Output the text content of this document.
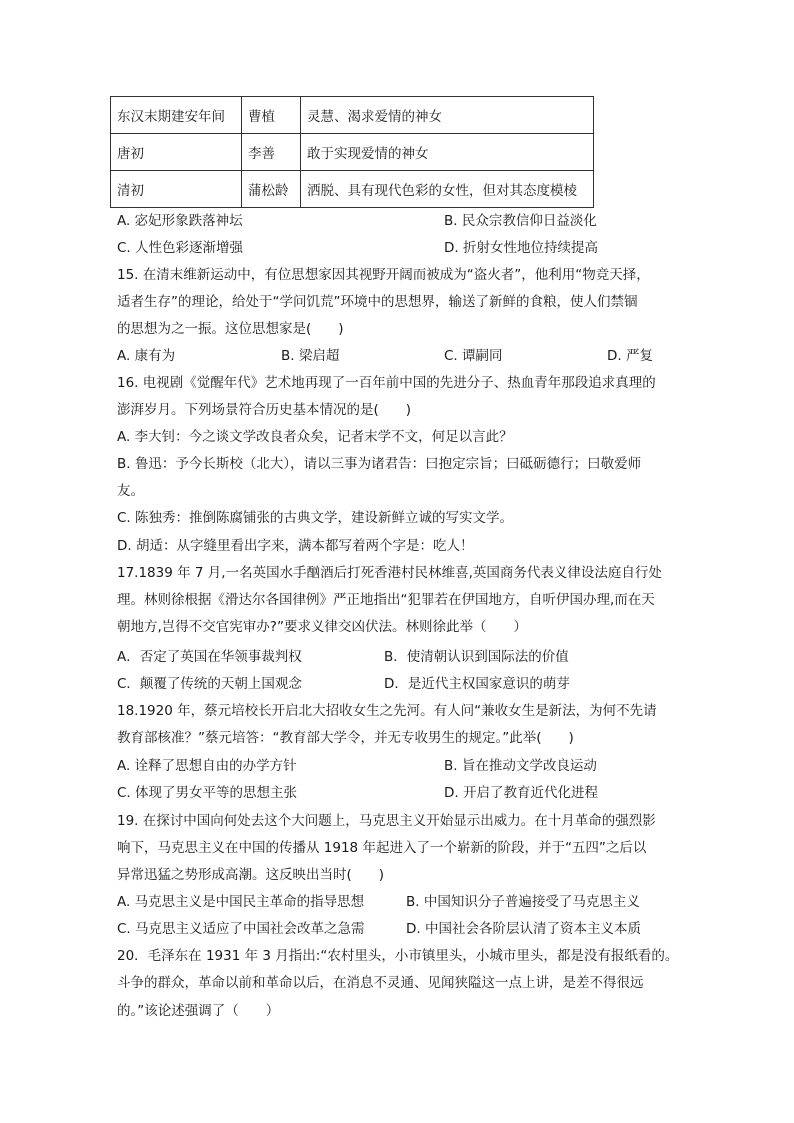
东汉末期建安年间	曹植	灵慧、渴求爱情的神女
唐初	李善	敢于实现爱情的神女
清初	蒲松龄	洒脱、具有现代色彩的女性，但对其态度模棱
A. 宓妃形象跌落神坛	B. 民众宗教信仰日益淡化
C. 人性色彩逐渐增强	D. 折射女性地位持续提高
15. 在清末维新运动中，有位思想家因其视野开阔而被成为“盗火者”，他利用“物竞天择，
适者生存”的理论，给处于“学问饥荒”环境中的思想界，输送了新鲜的食粮，使人们禁锢
的思想为之一振。这位思想家是(　　)
A. 康有为	B. 梁启超	C. 谭嗣同	D. 严复
16. 电视剧《觉醒年代》艺术地再现了一百年前中国的先进分子、热血青年那段追求真理的
澎湃岁月。下列场景符合历史基本情况的是(　　)
A. 李大钊：今之谈文学改良者众矣，记者末学不文，何足以言此？
B. 鲁迅：予今长斯校（北大），请以三事为诸君告：曰抱定宗旨；曰砥砺德行；曰敬爱师
友。
C. 陈独秀：推倒陈腐铺张的古典文学，建设新鲜立诚的写实文学。
D. 胡适：从字缝里看出字来，满本都写着两个字是：吃人！
17.1839 年 7 月,一名英国水手酗酒后打死香港村民林维喜,英国商务代表义律设法庭自行处
理。林则徐根据《滑达尔各国律例》严正地指出“犯罪若在伊国地方，自听伊国办理,而在天
朝地方,岂得不交官宪审办?”要求义律交凶伏法。林则徐此举（　　）
A．否定了英国在华领事裁判权	B．使清朝认识到国际法的价值
C．颠覆了传统的天朝上国观念	D．是近代主权国家意识的萌芽
18.1920 年，蔡元培校长开启北大招收女生之先河。有人问“兼收女生是新法，为何不先请
教育部核准？”蔡元培答：“教育部大学令，并无专收男生的规定。”此举(　　)
A. 诠释了思想自由的办学方针	B. 旨在推动文学改良运动
C. 体现了男女平等的思想主张	D. 开启了教育近代化进程
19. 在探讨中国向何处去这个大问题上，马克思主义开始显示出威力。在十月革命的强烈影
响下，马克思主义在中国的传播从 1918 年起进入了一个崭新的阶段，并于“五四”之后以
异常迅猛之势形成高潮。这反映出当时(　　)
A. 马克思主义是中国民主革命的指导思想	B. 中国知识分子普遍接受了马克思主义
C. 马克思主义适应了中国社会改革之急需	D. 中国社会各阶层认清了资本主义本质
20．毛泽东在 1931 年 3 月指出:“农村里头，小市镇里头，小城市里头，都是没有报纸看的。
斗争的群众，革命以前和革命以后，在消息不灵通、见闻狭隘这一点上讲，是差不得很远
的。”该论述强调了（　　）
